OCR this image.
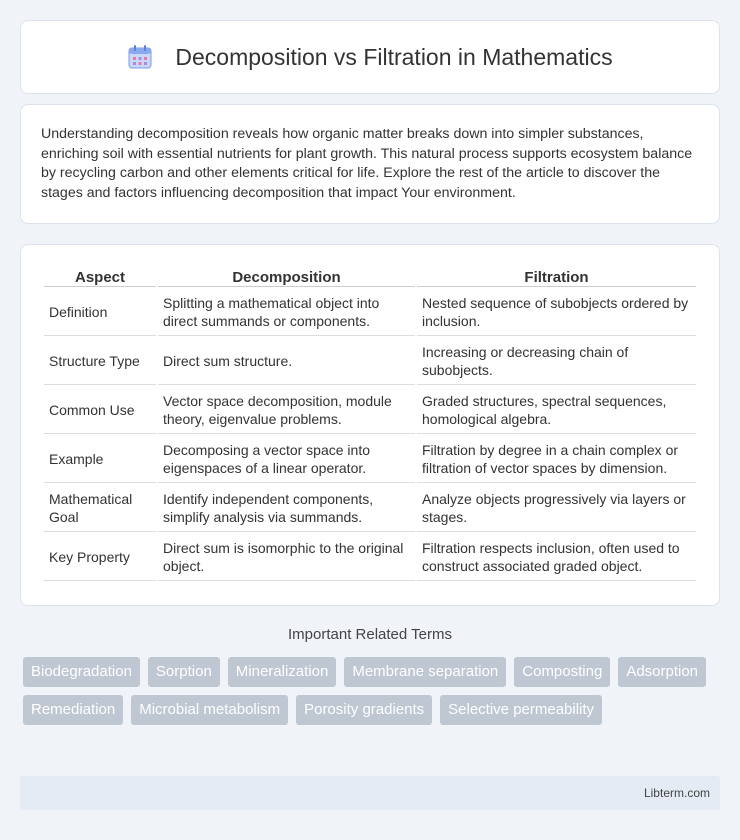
Decomposition vs Filtration in Mathematics

Understanding decomposition reveals how organic matter breaks down into simpler substances, enriching soil with essential nutrients for plant growth. This natural process supports ecosystem balance by recycling carbon and other elements critical for life. Explore the rest of the article to discover the stages and factors influencing decomposition that impact Your environment.

Aspect	Decomposition	Filtration
Definition	Splitting a mathematical object into direct summands or components.	Nested sequence of subobjects ordered by inclusion.
Structure Type	Direct sum structure.	Increasing or decreasing chain of subobjects.
Common Use	Vector space decomposition, module theory, eigenvalue problems.	Graded structures, spectral sequences, homological algebra.
Example	Decomposing a vector space into eigenspaces of a linear operator.	Filtration by degree in a chain complex or filtration of vector spaces by dimension.
Mathematical Goal	Identify independent components, simplify analysis via summands.	Analyze objects progressively via layers or stages.
Key Property	Direct sum is isomorphic to the original object.	Filtration respects inclusion, often used to construct associated graded object.
Important Related Terms
Biodegradation	Sorption	Mineralization	Membrane separation	Composting	Adsorption
Remediation	Microbial metabolism	Porosity gradients	Selective permeability
Libterm.com
